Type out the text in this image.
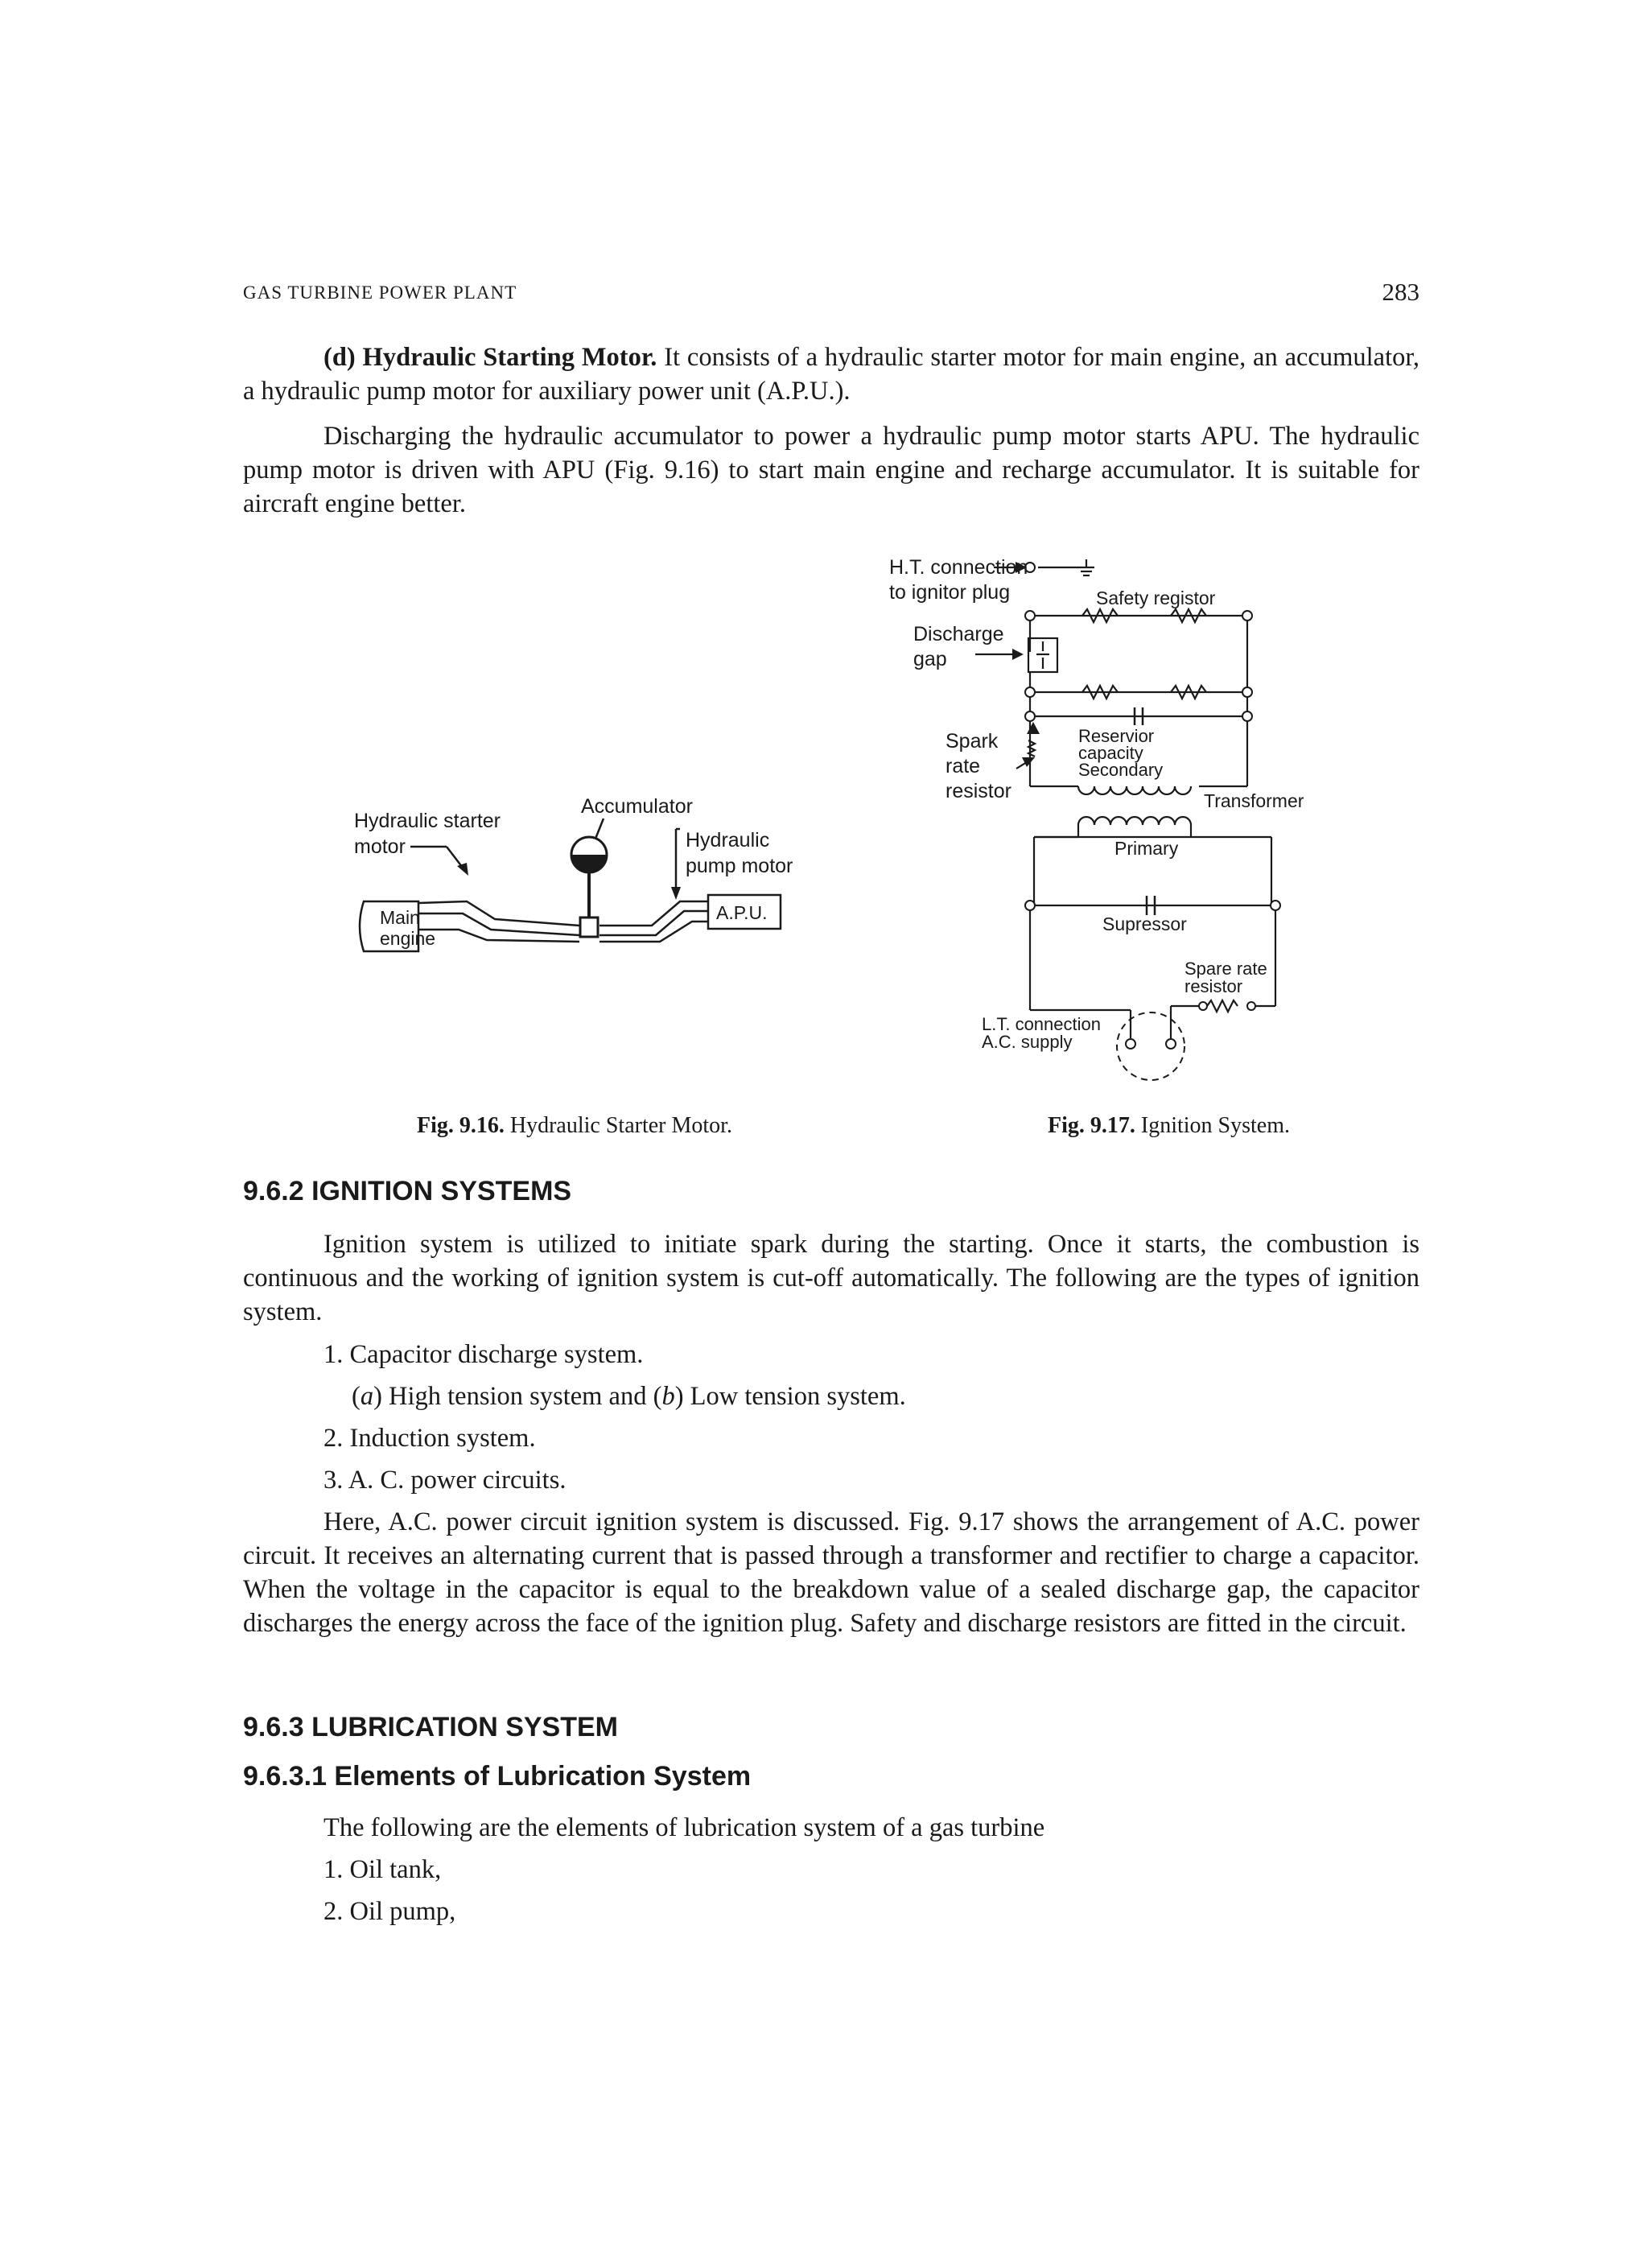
GAS TURBINE POWER PLANT	283

(d) Hydraulic Starting Motor. It consists of a hydraulic starter motor for main engine, an accumulator, a hydraulic pump motor for auxiliary power unit (A.P.U.).

Discharging the hydraulic accumulator to power a hydraulic pump motor starts APU. The hydraulic pump motor is driven with APU (Fig. 9.16) to start main engine and recharge accumulator. It is suitable for aircraft engine better.

Hydraulic starter
motor
Accumulator
Hydraulic
pump motor
Main
engine
A.P.U.
Fig. 9.16. Hydraulic Starter Motor.
H.T. connection
to ignitor plug	Safety registor
Discharge
gap
Spark
rate
resistor
Reservior
capacity
Secondary
Transformer
Primary
Supressor
Spare rate
resistor
L.T. connection
A.C. supply
Fig. 9.17. Ignition System.
9.6.2 IGNITION SYSTEMS

Ignition system is utilized to initiate spark during the starting. Once it starts, the combustion is continuous and the working of ignition system is cut-off automatically. The following are the types of ignition system.

1. Capacitor discharge system.

(a) High tension system and (b) Low tension system.

2. Induction system.

3. A. C. power circuits.

Here, A.C. power circuit ignition system is discussed. Fig. 9.17 shows the arrangement of A.C. power circuit. It receives an alternating current that is passed through a transformer and rectifier to charge a capacitor. When the voltage in the capacitor is equal to the breakdown value of a sealed discharge gap, the capacitor discharges the energy across the face of the ignition plug. Safety and discharge resistors are fitted in the circuit.

9.6.3 LUBRICATION SYSTEM
9.6.3.1 Elements of Lubrication System

The following are the elements of lubrication system of a gas turbine

1. Oil tank,

2. Oil pump,
